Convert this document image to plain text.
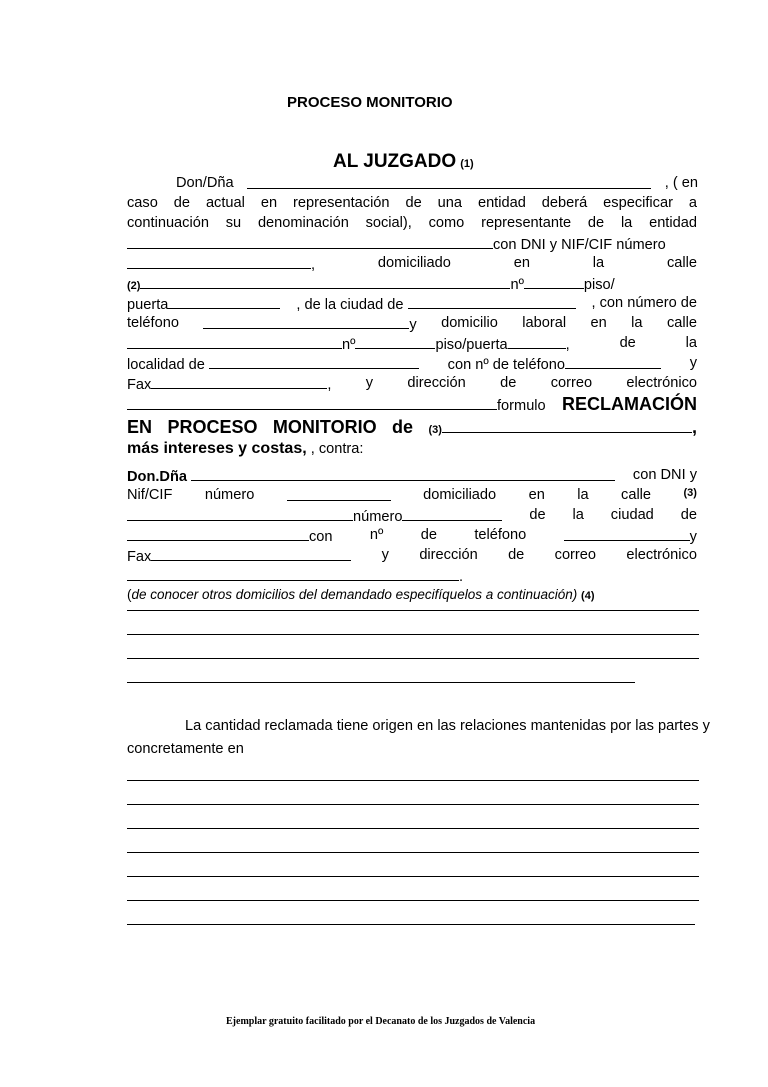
PROCESO MONITORIO
AL JUZGADO (1)
Don/Dña	, ( en
caso de actual en representación de una entidad deberá especificar a
continuación su denominación social), como representante de la entidad
con DNI y NIF/CIF número
,	domiciliado	en	la	calle
(2)	nº	piso/
puerta	, de la ciudad de	, con número de
teléfono	y domicilio laboral en la calle
nº	piso/puerta	,	de	la
localidad de	con nº de teléfono	y
Fax	, y dirección de correo electrónico
formulo RECLAMACIÓN
EN PROCESO MONITORIO de (3)	,
más intereses y costas, , contra:
Don.Dña	con DNI y
Nif/CIF número	domiciliado en la calle	(3)
número	de la ciudad de
con	nº	de	teléfono	y
Fax	y dirección de correo electrónico
.
(de conocer otros domicilios del demandado especifíquelos a continuación) (4)
La cantidad reclamada tiene origen en las relaciones mantenidas por las partes y
concretamente en
Ejemplar gratuito facilitado por el Decanato de los Juzgados de Valencia
